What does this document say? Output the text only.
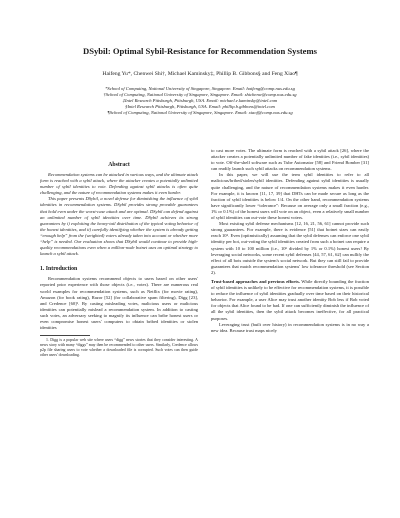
DSybil: Optimal Sybil-Resistance for Recommendation Systems
Haifeng Yu*, Chenwei Shi†, Michael Kaminsky‡, Phillip B. Gibbons§ and Feng Xiao¶
*School of Computing, National University of Singapore, Singapore. Email: haifeng@comp.nus.edu.sg
†School of Computing, National University of Singapore, Singapore. Email: shichenw@comp.nus.edu.sg
‡Intel Research Pittsburgh, Pittsburgh, USA. Email: michael.e.kaminsky@intel.com
§Intel Research Pittsburgh, Pittsburgh, USA. Email: phillip.b.gibbons@intel.com
¶School of Computing, National University of Singapore, Singapore. Email: xiaof@comp.nus.edu.sg
Abstract

Recommendation systems can be attacked in various ways, and the ultimate attack form is reached with a sybil attack, where the attacker creates a potentially unlimited number of sybil identities to vote. Defending against sybil attacks is often quite challenging, and the nature of recommendation systems makes it even harder.

This paper presents DSybil, a novel defense for diminishing the influence of sybil identities in recommendation systems. DSybil provides strong provable guarantees that hold even under the worst-case attack and are optimal. DSybil can defend against an unlimited number of sybil identities over time. DSybil achieves its strong guarantees by i) exploiting the heavy-tail distribution of the typical voting behavior of the honest identities, and ii) carefully identifying whether the system is already getting “enough help” from the (weighted) voters already taken into account or whether more “help” is needed. Our evaluation shows that DSybil would continue to provide high-quality recommendations even when a million-node botnet uses an optimal strategy to launch a sybil attack.

1. Introduction

Recommendation systems recommend objects to users based on other users' reported prior experience with those objects (i.e., votes). There are numerous real world examples for recommendation systems, such as Netflix (for movie rating), Amazon (for book rating), Razor [52] (for collaborative spam filtering), Digg [23], and Credence [60]¹. By casting misleading votes, malicious users or malicious identities can potentially mislead a recommendation system. In addition to casting such votes, an adversary seeking to magnify its influence can bribe honest users or even compromise honest users' computers to obtain bribed identities or stolen identities

1. Digg is a popular web site where users “digg” news stories that they consider interesting. A news story with many “diggs” may then be recommended to other users. Similarly, Credence allows p2p file sharing users to vote whether a downloaded file is corrupted. Such votes can then guide other users' downloading.

to cast more votes. The ultimate form is reached with a sybil attack [26], where the attacker creates a potentially unlimited number of fake identities (i.e., sybil identities) to vote. Off-the-shelf software such as Tube Automator [58] and Friend Bomber [31] can readily launch such sybil attacks on recommendation systems.

In this paper, we will use the term sybil identities to refer to all malicious/bribed/stolen/sybil identities. Defending against sybil identities is usually quite challenging, and the nature of recommendation systems makes it even harder. For example, it is known [11, 17, 39] that DHTs can be made secure as long as the fraction of sybil identities is below 1/4. On the other hand, recommendation systems have significantly lower “tolerance”: Because on average only a small fraction (e.g., 1% or 0.1%) of the honest users will vote on an object, even a relatively small number of sybil identities can out-vote these honest voters.

Most existing sybil defense mechanisms [12, 16, 21, 56, 61] cannot provide such strong guarantees. For example, there is evidence [51] that botnet sizes can easily reach 10⁶. Even (optimistically) assuming that the sybil defenses can enforce one sybil identity per bot, out-voting the sybil identities created from such a botnet can require a system with 10 to 100 million (i.e., 10⁶ divided by 1% or 0.1%) honest users! By leveraging social networks, some recent sybil defenses [44, 57, 61, 62] can nullify the effect of all bots outside the system's social network. But they can still fail to provide guarantees that match recommendation systems' low tolerance threshold (see Section 2).

Trust-based approaches and previous efforts. While directly bounding the fraction of sybil identities is unlikely to be effective for recommendation systems, it is possible to reduce the influence of sybil identities gradually over time based on their historical behavior. For example, a user Alice may trust another identity Bob less if Bob voted for objects that Alice found to be bad. If one can sufficiently diminish the influence of all the sybil identities, then the sybil attack becomes ineffective, for all practical purposes.

Leveraging trust (built over history) in recommendation systems is in no way a new idea. Because trust maps nicely
